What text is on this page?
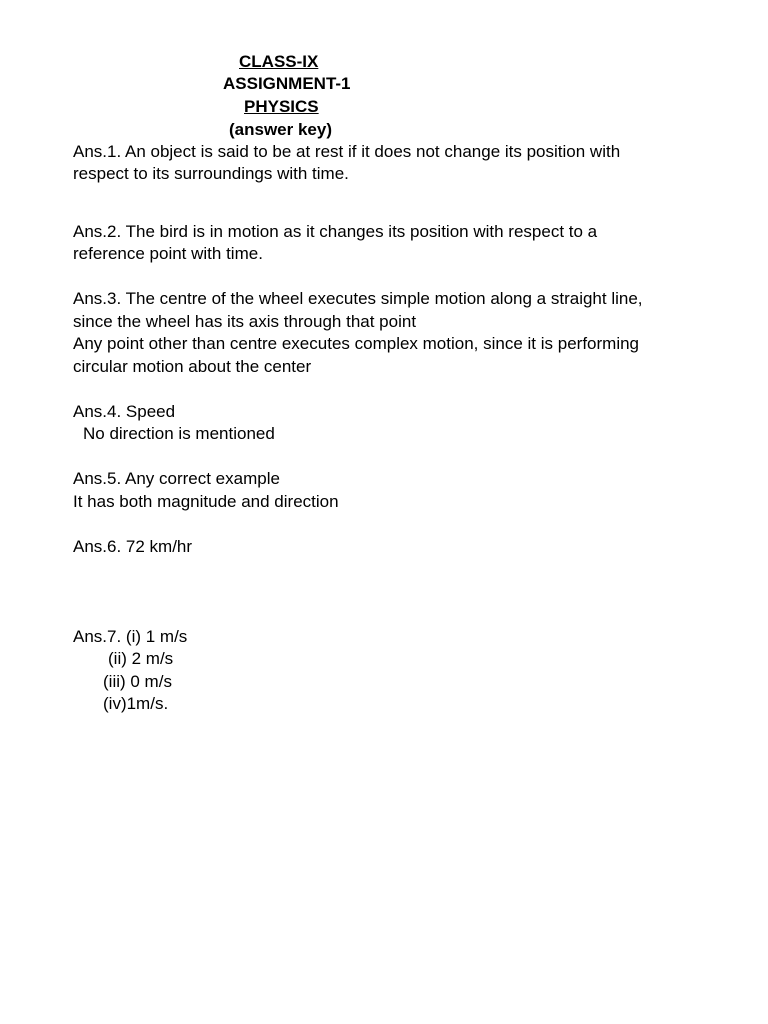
CLASS-IX
ASSIGNMENT-1
PHYSICS
(answer key)
Ans.1. An object is said to be at rest if it does not change its position with
respect to its surroundings with time.
Ans.2. The bird is in motion as it changes its position with respect to a
reference point with time.
Ans.3. The centre of the wheel executes simple motion along a straight line,
since the wheel has its axis through that point
Any point other than centre executes complex motion, since it is performing
circular motion about the center
Ans.4. Speed
No direction is mentioned
Ans.5. Any correct example
It has both magnitude and direction
Ans.6. 72 km/hr
Ans.7. (i) 1 m/s
(ii) 2 m/s
(iii) 0 m/s
(iv)1m/s.
